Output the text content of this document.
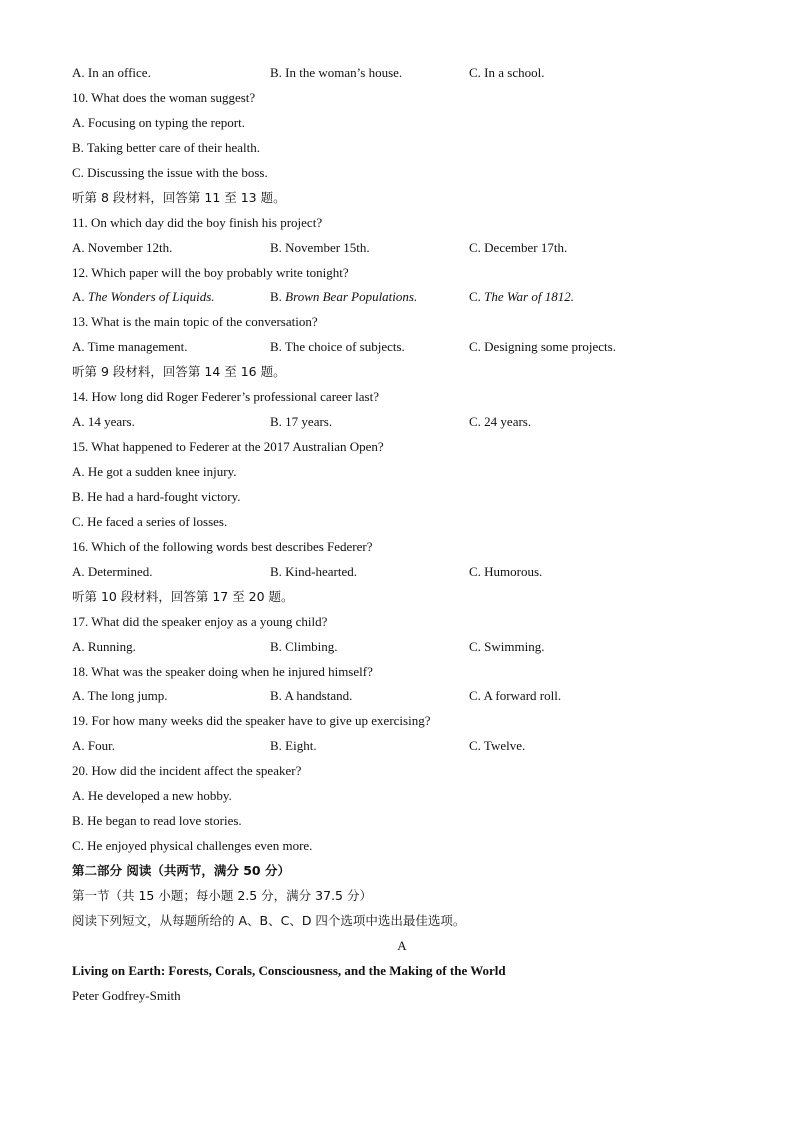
A. In an office.	B. In the woman’s house.	C. In a school.
10. What does the woman suggest?
A. Focusing on typing the report.
B. Taking better care of their health.
C. Discussing the issue with the boss.
听第 8 段材料，回答第 11 至 13 题。
11. On which day did the boy finish his project?
A. November 12th.	B. November 15th.	C. December 17th.
12. Which paper will the boy probably write tonight?
A. The Wonders of Liquids.	B. Brown Bear Populations.	C. The War of 1812.
13. What is the main topic of the conversation?
A. Time management.	B. The choice of subjects.	C. Designing some projects.
听第 9 段材料，回答第 14 至 16 题。
14. How long did Roger Federer’s professional career last?
A. 14 years.	B. 17 years.	C. 24 years.
15. What happened to Federer at the 2017 Australian Open?
A. He got a sudden knee injury.
B. He had a hard-fought victory.
C. He faced a series of losses.
16. Which of the following words best describes Federer?
A. Determined.	B. Kind-hearted.	C. Humorous.
听第 10 段材料，回答第 17 至 20 题。
17. What did the speaker enjoy as a young child?
A. Running.	B. Climbing.	C. Swimming.
18. What was the speaker doing when he injured himself?
A. The long jump.	B. A handstand.	C. A forward roll.
19. For how many weeks did the speaker have to give up exercising?
A. Four.	B. Eight.	C. Twelve.
20. How did the incident affect the speaker?
A. He developed a new hobby.
B. He began to read love stories.
C. He enjoyed physical challenges even more.
第二部分 阅读（共两节，满分 50 分）
第一节（共 15 小题；每小题 2.5 分，满分 37.5 分）
阅读下列短文，从每题所给的 A、B、C、D 四个选项中选出最佳选项。
A
Living on Earth: Forests, Corals, Consciousness, and the Making of the World
Peter Godfrey-Smith
